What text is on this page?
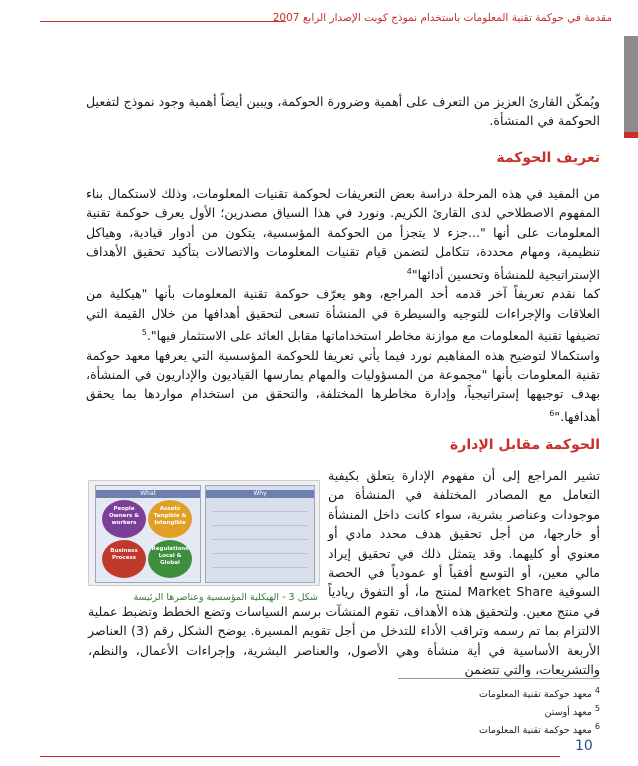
مقدمة في حوكمة تقنية المعلومات باستخدام نموذج كوبت الإصدار الرابع 2007
ويُمكّن القارئ العزيز من التعرف على أهمية وضرورة الحوكمة، ويبين أيضاً أهمية وجود نموذج لتفعيل الحوكمة في المنشأة.
تعريف الحوكمة

من المفيد في هذه المرحلة دراسة بعض التعريفات لحوكمة تقنيات المعلومات، وذلك لاستكمال بناء المفهوم الاصطلاحي لدى القارئ الكريم. ونورد في هذا السياق مصدرين؛ الأول يعرف حوكمة تقنية المعلومات على أنها "...جزء لا يتجزأ من الحوكمة المؤسسية، يتكون من أدوار قيادية، وهياكل تنظيمية، ومهام محددة، تتكامل لتضمن قيام تقنيات المعلومات والاتصالات بتأكيد تحقيق الأهداف الإستراتيجية للمنشأة وتحسين أدائها"$^4$

كما نقدم تعريفاً آخر قدمه أحد المراجع، وهو يعرّف حوكمة تقنية المعلومات بأنها "هيكلية من العلاقات والإجراءات للتوجيه والسيطرة في المنشأة تسعى لتحقيق أهدافها من خلال القيمة التي تضيفها تقنية المعلومات مع موازنة مخاطر استخداماتها مقابل العائد على الاستثمار فيها".$^5$

واستكمالا لتوضيح هذه المفاهيم نورد فيما يأتي تعريفا للحوكمة المؤسسية التي يعرفها معهد حوكمة تقنية المعلومات بأنها "مجموعة من المسؤوليات والمهام يمارسها القياديون والإداريون في المنشأة، بهدف توجيهها إستراتيجياً، وإدارة مخاطرها المختلفة، والتحقق من استخدام مواردها بما يحقق أهدافها."$^6$

الحوكمة مقابل الإدارة
تشير المراجع إلى أن مفهوم الإدارة يتعلق بكيفية التعامل مع المصادر المختلفة في المنشأة من موجودات وعناصر بشرية، سواء كانت داخل المنشأة أو خارجها، من أجل تحقيق هدف محدد مادي أو معنوي أو كليهما. وقد يتمثل ذلك في تحقيق إيراد مالي معين، أو التوسع أفقياً أو عمودياً في الحصة السوقية Market Share لمنتج ما، أو التفوق ريادياً في منتج معين. ولتحقيق هذه الأهداف، تقوم المنشآت برسم السياسات وتضع الخطط وتضبط عملية الالتزام بما تم رسمه وتراقب الأداء للتدخل من أجل تقويم المسيرة. يوضح الشكل رقم (3) العناصر الأربعة الأساسية في أية منشأة وهي الأصول، والعناصر البشرية، وإجراءات الأعمال، والنظم، والتشريعات، والتي تتضمن
What
People
Owners & workers
Assets
Tangible & Intangible
Business Process
Regulations
Local & Global
Why
شكل 3 - الهيكلية المؤسسية وعناصرها الرئيسة
$^4$ معهد حوكمة تقنية المعلومات
$^5$ معهد أوستن
$^6$ معهد حوكمة تقنية المعلومات
10
